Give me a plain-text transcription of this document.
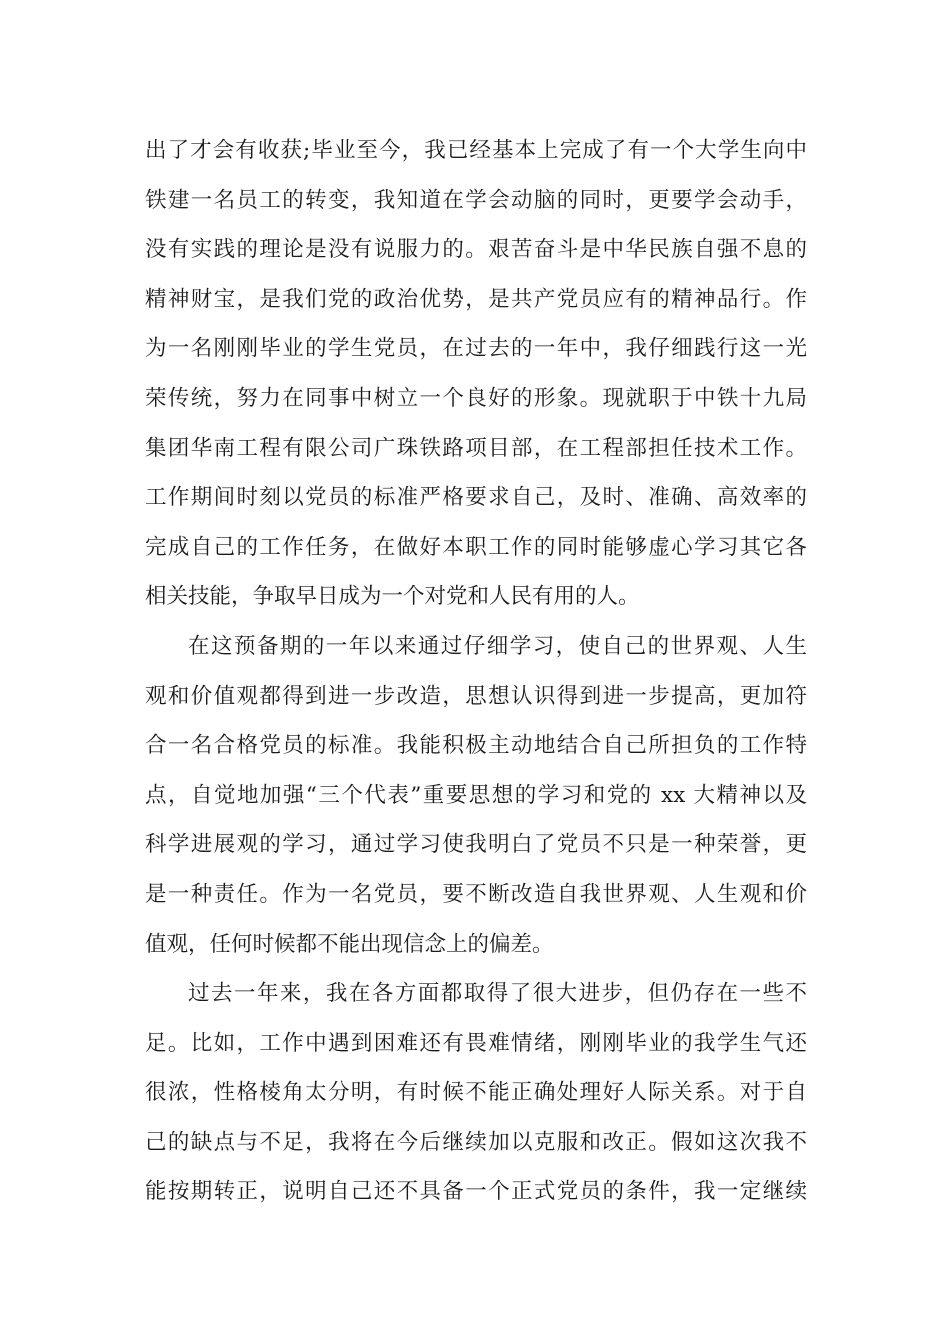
出了才会有收获;毕业至今，我已经基本上完成了有一个大学生向中
铁建一名员工的转变，我知道在学会动脑的同时，更要学会动手，
没有实践的理论是没有说服力的。艰苦奋斗是中华民族自强不息的
精神财宝，是我们党的政治优势，是共产党员应有的精神品行。作
为一名刚刚毕业的学生党员，在过去的一年中，我仔细践行这一光
荣传统，努力在同事中树立一个良好的形象。现就职于中铁十九局
集团华南工程有限公司广珠铁路项目部，在工程部担任技术工作。
工作期间时刻以党员的标准严格要求自己，及时、准确、高效率的
完成自己的工作任务，在做好本职工作的同时能够虚心学习其它各
相关技能，争取早日成为一个对党和人民有用的人。
在这预备期的一年以来通过仔细学习，使自己的世界观、人生
观和价值观都得到进一步改造，思想认识得到进一步提高，更加符
合一名合格党员的标准。我能积极主动地结合自己所担负的工作特
点，自觉地加强“三个代表”重要思想的学习和党的 xx 大精神以及
科学进展观的学习，通过学习使我明白了党员不只是一种荣誉，更
是一种责任。作为一名党员，要不断改造自我世界观、人生观和价
值观，任何时候都不能出现信念上的偏差。
过去一年来，我在各方面都取得了很大进步，但仍存在一些不
足。比如，工作中遇到困难还有畏难情绪，刚刚毕业的我学生气还
很浓，性格棱角太分明，有时候不能正确处理好人际关系。对于自
己的缺点与不足，我将在今后继续加以克服和改正。假如这次我不
能按期转正，说明自己还不具备一个正式党员的条件，我一定继续
